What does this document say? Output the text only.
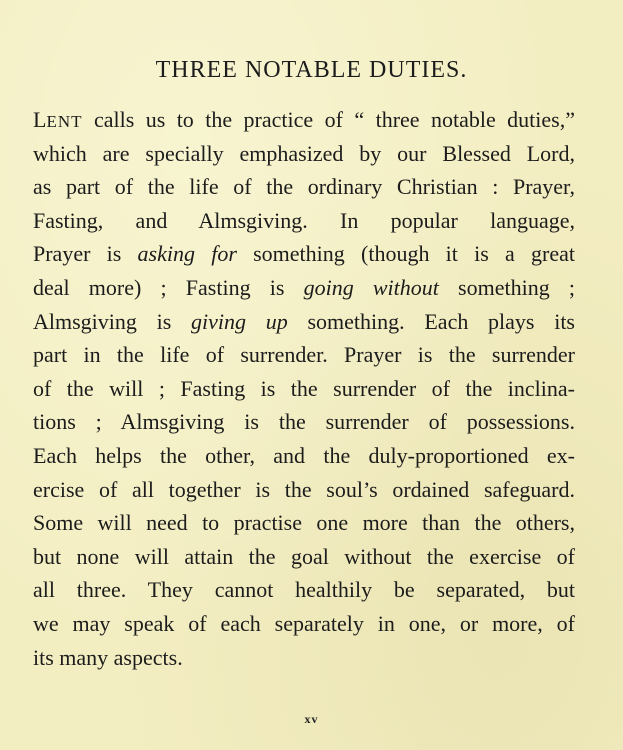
THREE NOTABLE DUTIES.
LENT calls us to the practice of “ three notable duties,”
which are specially emphasized by our Blessed Lord,
as part of the life of the ordinary Christian : Prayer,
Fasting, and Almsgiving. In popular language,
Prayer is asking for something (though it is a great
deal more) ; Fasting is going without something ;
Almsgiving is giving up something. Each plays its
part in the life of surrender. Prayer is the surrender
of the will ; Fasting is the surrender of the inclina-
tions ; Almsgiving is the surrender of possessions.
Each helps the other, and the duly-proportioned ex-
ercise of all together is the soul’s ordained safeguard.
Some will need to practise one more than the others,
but none will attain the goal without the exercise of
all three. They cannot healthily be separated, but
we may speak of each separately in one, or more, of
its many aspects.
xv
